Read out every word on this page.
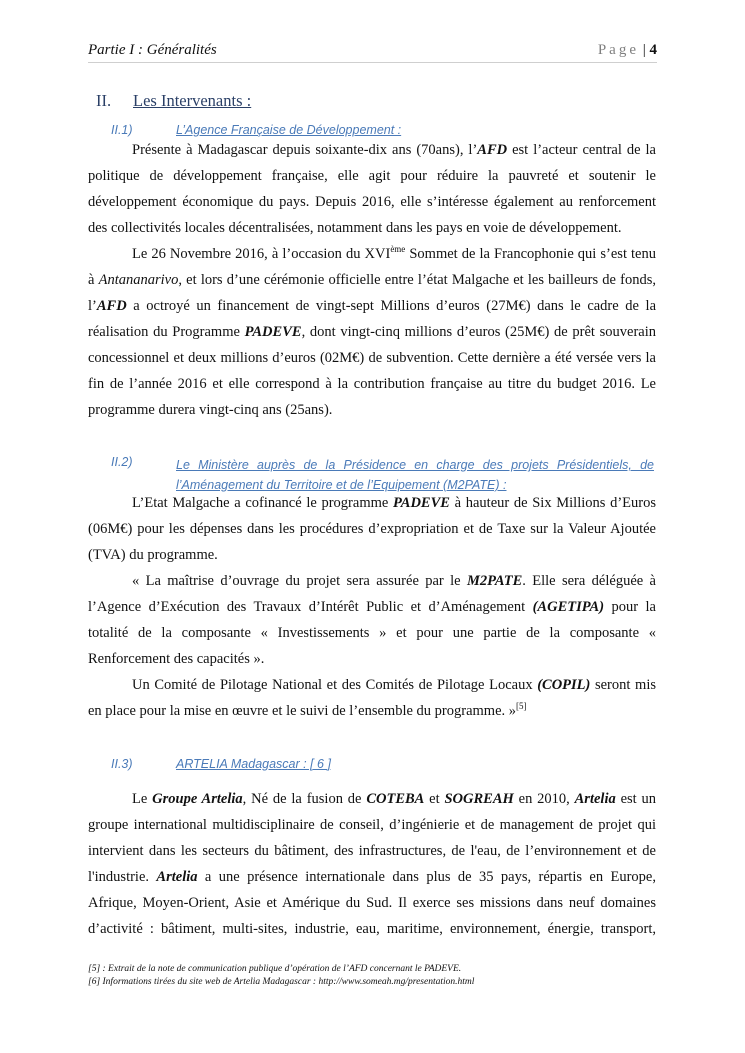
Partie I : Généralités	Page | 4
II. Les Intervenants :
II.1)	L’Agence Française de Développement :

Présente à Madagascar depuis soixante-dix ans (70ans), l’AFD est l’acteur central de la politique de développement française, elle agit pour réduire la pauvreté et soutenir le développement économique du pays. Depuis 2016, elle s’intéresse également au renforcement des collectivités locales décentralisées, notamment dans les pays en voie de développement.

Le 26 Novembre 2016, à l’occasion du XVIème Sommet de la Francophonie qui s’est tenu à Antananarivo, et lors d’une cérémonie officielle entre l’état Malgache et les bailleurs de fonds, l’AFD a octroyé un financement de vingt-sept Millions d’euros (27M€) dans le cadre de la réalisation du Programme PADEVE, dont vingt-cinq millions d’euros (25M€) de prêt souverain concessionnel et deux millions d’euros (02M€) de subvention. Cette dernière a été versée vers la fin de l’année 2016 et elle correspond à la contribution française au titre du budget 2016. Le programme durera vingt-cinq ans (25ans).

II.2)	Le Ministère auprès de la Présidence en charge des projets Présidentiels, de l’Aménagement du Territoire et de l’Equipement (M2PATE) :

L’Etat Malgache a cofinancé le programme PADEVE à hauteur de Six Millions d’Euros (06M€) pour les dépenses dans les procédures d’expropriation et de Taxe sur la Valeur Ajoutée (TVA) du programme.

« La maîtrise d’ouvrage du projet sera assurée par le M2PATE. Elle sera déléguée à l’Agence d’Exécution des Travaux d’Intérêt Public et d’Aménagement (AGETIPA) pour la totalité de la composante « Investissements » et pour une partie de la composante « Renforcement des capacités ».

Un Comité de Pilotage National et des Comités de Pilotage Locaux (COPIL) seront mis en place pour la mise en œuvre et le suivi de l’ensemble du programme. »[5]

II.3)	ARTELIA Madagascar : [ 6 ]

Le Groupe Artelia, Né de la fusion de COTEBA et SOGREAH en 2010, Artelia est un groupe international multidisciplinaire de conseil, d’ingénierie et de management de projet qui intervient dans les secteurs du bâtiment, des infrastructures, de l'eau, de l’environnement et de l'industrie. Artelia a une présence internationale dans plus de 35 pays, répartis en Europe, Afrique, Moyen-Orient, Asie et Amérique du Sud. Il exerce ses missions dans neuf domaines d’activité : bâtiment, multi-sites, industrie, eau, maritime, environnement, énergie, transport,

[5] : Extrait de la note de communication publique d’opération de l’AFD concernant le PADEVE.

[6] Informations tirées du site web de Artelia Madagascar : http://www.someah.mg/presentation.html
